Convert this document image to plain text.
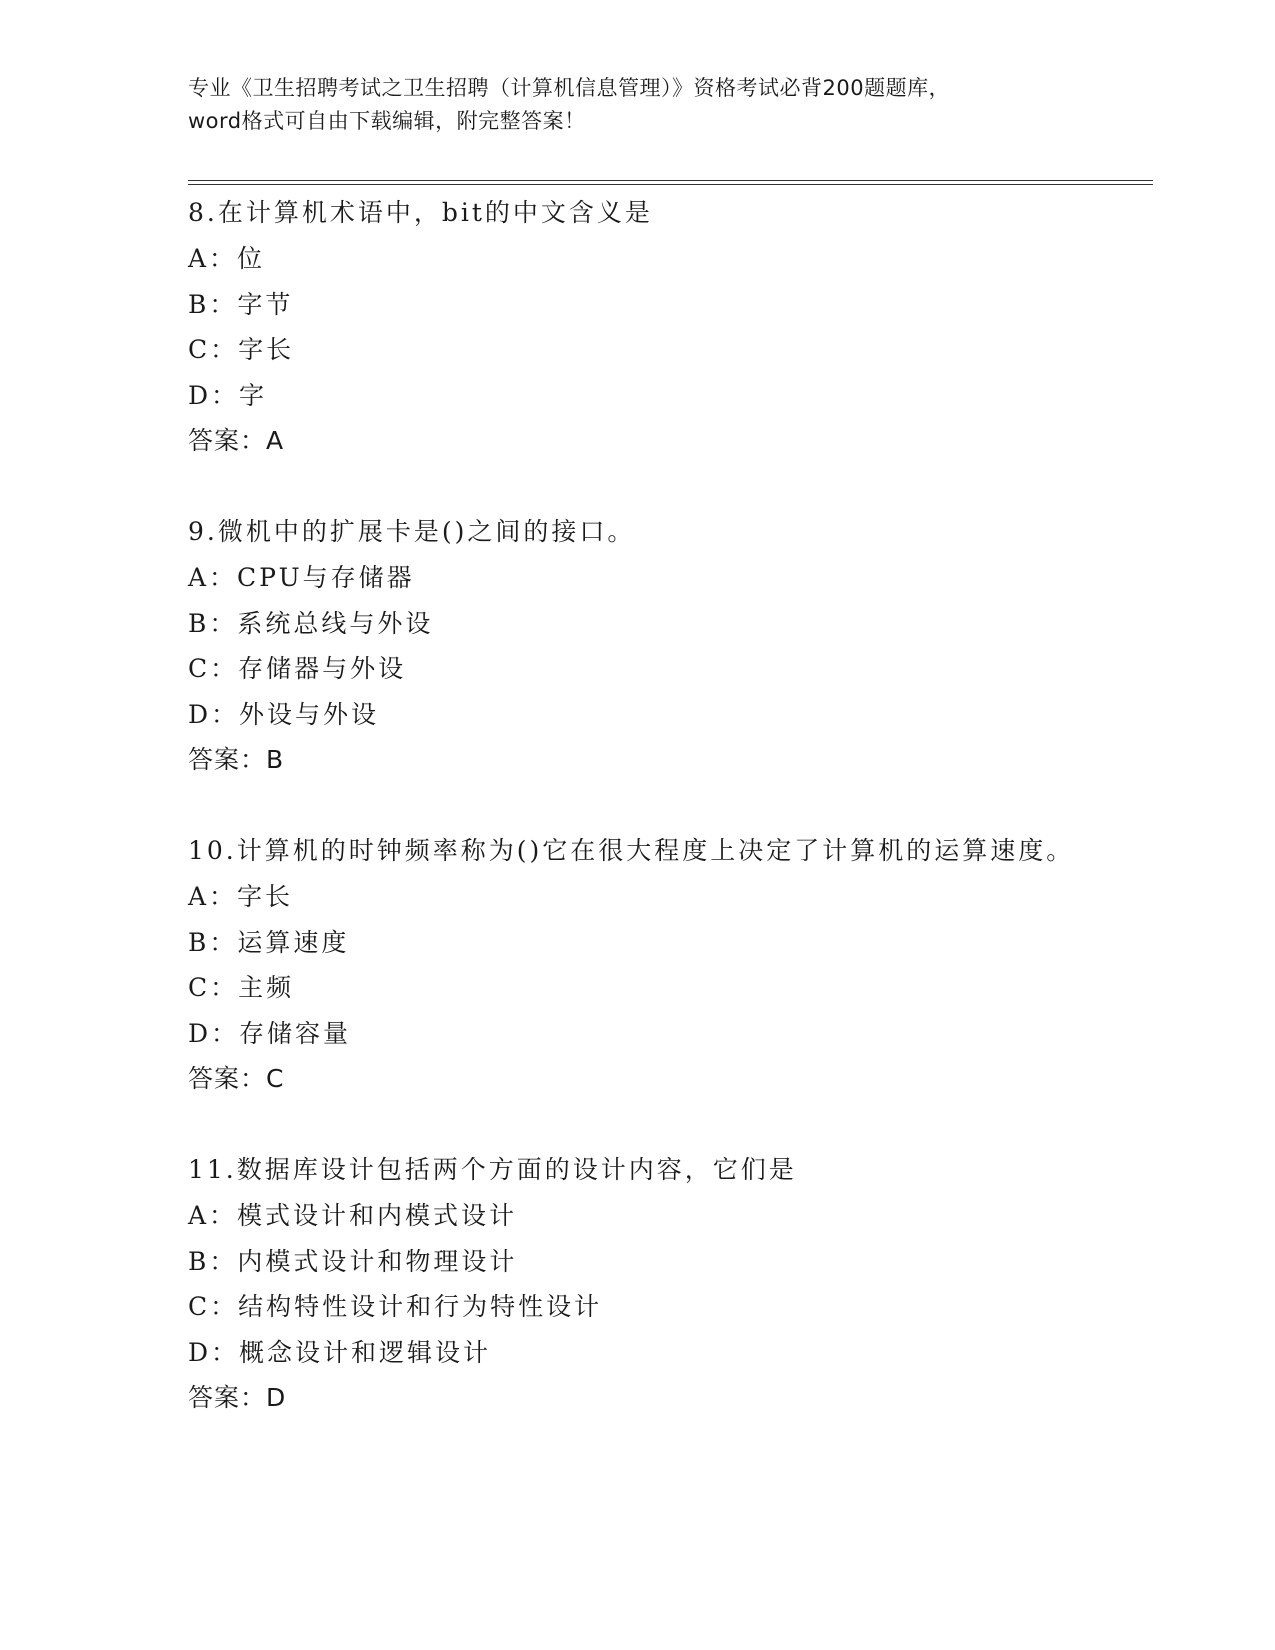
专业《卫生招聘考试之卫生招聘（计算机信息管理）》资格考试必背200题题库，
word格式可自由下载编辑，附完整答案！
8.在计算机术语中，bit的中文含义是
A：位
B：字节
C：字长
D：字
答案：A
9.微机中的扩展卡是()之间的接口。
A：CPU与存储器
B：系统总线与外设
C：存储器与外设
D：外设与外设
答案：B
10.计算机的时钟频率称为()它在很大程度上决定了计算机的运算速度。
A：字长
B：运算速度
C：主频
D：存储容量
答案：C
11.数据库设计包括两个方面的设计内容，它们是
A：模式设计和内模式设计
B：内模式设计和物理设计
C：结构特性设计和行为特性设计
D：概念设计和逻辑设计
答案：D
